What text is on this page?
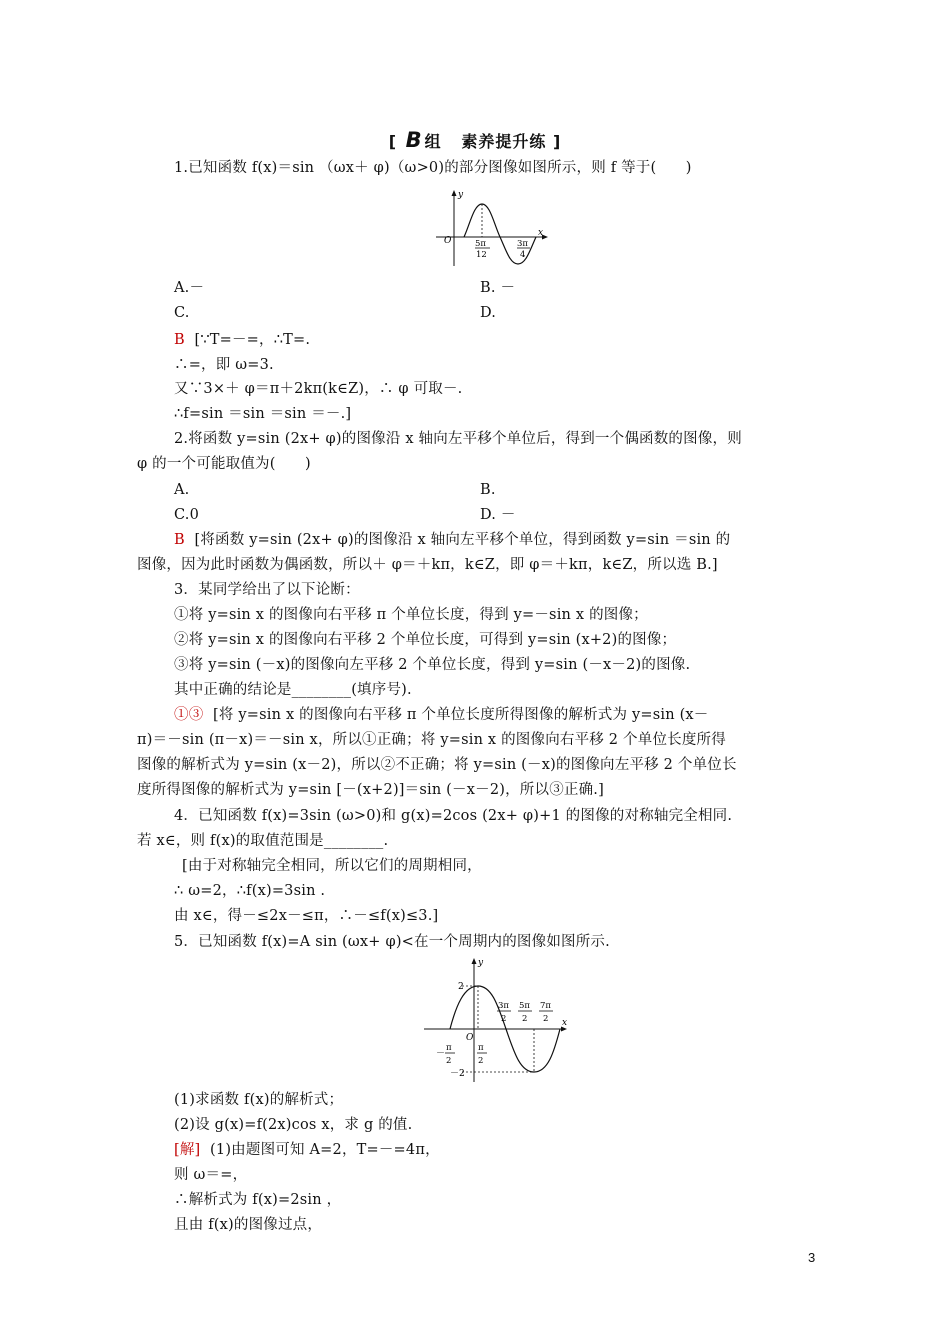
[ B 组 素养提升练 ]
1.已知函数 f(x)＝sin （ωx＋ φ)（ω>0)的部分图像如图所示，则 f 等于(　　)
y
x
O	5π
12
3π
4
A.－	B. －
C.	D.
B [∵T=－=，∴T=.
∴=，即 ω=3.
又∵3×＋ φ＝π＋2kπ(k∈Z)，∴ φ 可取－.
∴f=sin ＝sin ＝sin ＝－.]
2.将函数 y=sin (2x+ φ)的图像沿 x 轴向左平移个单位后，得到一个偶函数的图像，则
φ 的一个可能取值为(　　)
A.	B.
C.0	D. －
B [将函数 y=sin (2x+ φ)的图像沿 x 轴向左平移个单位，得到函数 y=sin ＝sin 的
图像，因为此时函数为偶函数，所以＋ φ＝＋kπ，k∈Z，即 φ＝＋kπ，k∈Z，所以选 B.]
3．某同学给出了以下论断：
①将 y=sin x 的图像向右平移 π 个单位长度，得到 y=－sin x 的图像；
②将 y=sin x 的图像向右平移 2 个单位长度，可得到 y=sin (x+2)的图像；
③将 y=sin (－x)的图像向左平移 2 个单位长度，得到 y=sin (－x－2)的图像.
其中正确的结论是________(填序号).
①③ [将 y=sin x 的图像向右平移 π 个单位长度所得图像的解析式为 y=sin (x－
π)＝－sin (π－x)＝－sin x，所以①正确；将 y=sin x 的图像向右平移 2 个单位长度所得
图像的解析式为 y=sin (x－2)，所以②不正确；将 y=sin (－x)的图像向左平移 2 个单位长
度所得图像的解析式为 y=sin [－(x+2)]＝sin (－x－2)，所以③正确.]
4．已知函数 f(x)=3sin (ω>0)和 g(x)=2cos (2x+ φ)+1 的图像的对称轴完全相同.
若 x∈，则 f(x)的取值范围是________.
[由于对称轴完全相同，所以它们的周期相同，
∴ ω=2，∴f(x)=3sin .
由 x∈，得－≤2x－≤π，∴－≤f(x)≤3.]
5．已知函数 f(x)=A sin (ωx+ φ)<在一个周期内的图像如图所示.
y
x
O
2
－2
－
π
2
π
2
3π
2
5π
2
7π
2
(1)求函数 f(x)的解析式；
(2)设 g(x)=f(2x)cos x，求 g 的值.
[解] (1)由题图可知 A=2，T=－=4π，
则 ω＝=，
∴解析式为 f(x)=2sin ，
且由 f(x)的图像过点，
3
